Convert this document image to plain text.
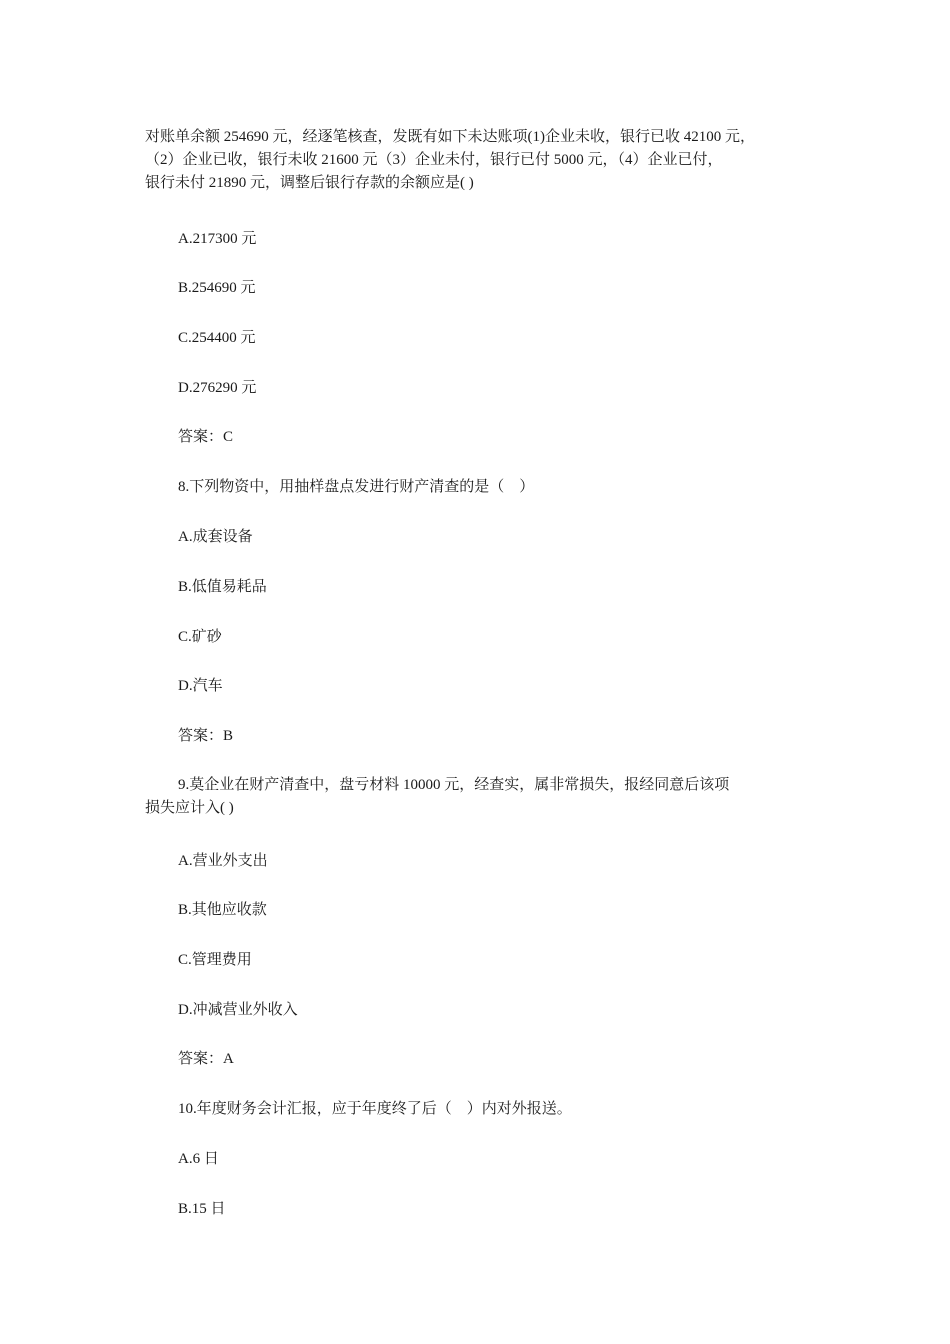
对账单余额 254690 元，经逐笔核查，发既有如下未达账项(1)企业未收，银行已收 42100 元，
（2）企业已收，银行未收 21600 元（3）企业未付，银行已付 5000 元，（4）企业已付，
银行未付 21890 元，调整后银行存款的余额应是( )
A.217300 元
B.254690 元
C.254400 元
D.276290 元
答案：C
8.下列物资中，用抽样盘点发进行财产清查的是（　）
A.成套设备
B.低值易耗品
C.矿砂
D.汽车
答案：B
9.莫企业在财产清查中，盘亏材料 10000 元，经查实，属非常损失，报经同意后该项
损失应计入( )
A.营业外支出
B.其他应收款
C.管理费用
D.冲减营业外收入
答案：A
10.年度财务会计汇报，应于年度终了后（　）内对外报送。
A.6 日
B.15 日
